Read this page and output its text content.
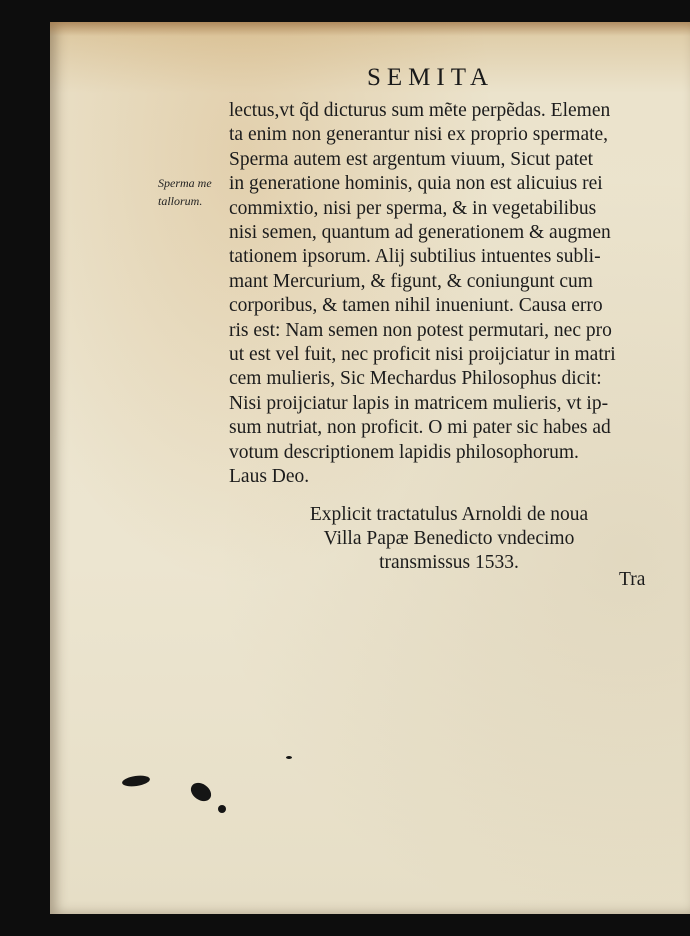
SEMITA
Sperma me
tallorum.
lectus,vt q̃d dicturus sum mẽte perpẽdas. Elemen
ta enim non generantur nisi ex proprio spermate,
Sperma autem est argentum viuum, Sicut patet
in generatione hominis, quia non est alicuius rei
commixtio, nisi per sperma, & in vegetabilibus
nisi semen, quantum ad generationem & augmen
tationem ipsorum. Alij subtilius intuentes subli-
mant Mercurium, & figunt, & coniungunt cum
corporibus, & tamen nihil inueniunt. Causa erro
ris est: Nam semen non potest permutari, nec pro
ut est vel fuit, nec proficit nisi proijciatur in matri
cem mulieris, Sic Mechardus Philosophus dicit:
Nisi proijciatur lapis in matricem mulieris, vt ip-
sum nutriat, non proficit. O mi pater sic habes ad
votum descriptionem lapidis philosophorum.
Laus Deo.
Explicit tractatulus Arnoldi de noua
Villa Papæ Benedicto vndecimo
transmissus 1533.
Tra
